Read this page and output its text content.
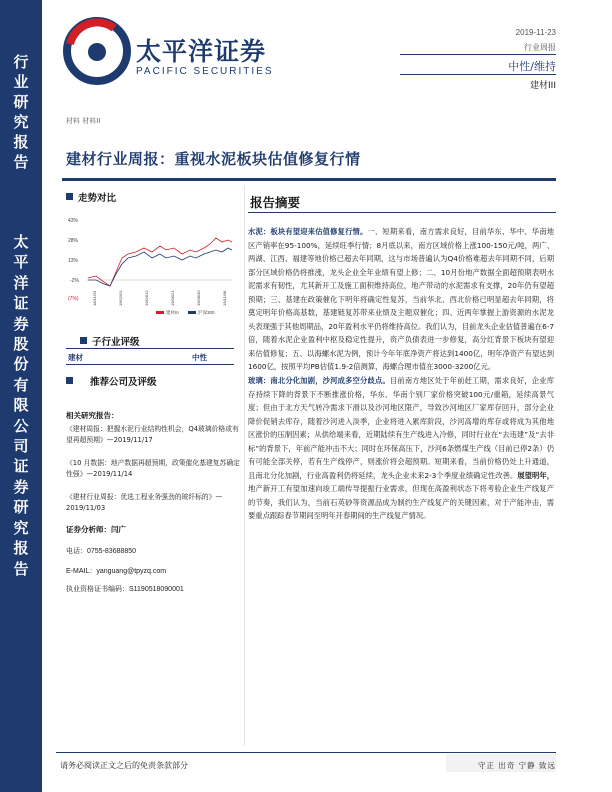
行
业
研
究
报
告
太
平
洋
证
券
股
份
有
限
公
司
证
券
研
究
报
告
太平洋证券
PACIFIC SECURITIES
2019-11-23
行业周报
中性/维持
建材III
材料 材料II
建材行业周报：重视水泥板块估值修复行情
走势对比
43%
28%
13%
-2%
(7%)	18/11/23	19/02/01	19/04/12	19/06/21	19/08/30	19/11/08
建材III	沪深300
子行业评级
建材	中性
推荐公司及评级
相关研究报告：
《建材周报：把握水泥行业结构性机会，Q4玻璃价格或有望再超预期》—2019/11/17
《10 月数据：地产数据再超预期，政策催化基建复苏确定性强》—2019/11/14
《建材行业周报：优选工程业务强劲的玻纤标的》—2019/11/03
证券分析师：闫广
电话：0755-83688850
E-MAIL：yanguang@tpyzq.com
执业资格证书编码：S1190518090001
报告摘要

水泥：板块有望迎来估值修复行情。一、短期来看，南方需求良好，目前华东、华中、华南地区产销率在95-100%，延续旺季行情；8月底以来，南方区域价格上涨100-150元/吨，两广、两湖、江西、福建等地价格已超去年同期，这与市场普遍认为Q4价格难超去年同期不同，后期部分区域价格仍将推涨，龙头企业全年业绩有望上修；二、10月份地产数据全面超预期表明水泥需求有韧性，尤其新开工及施工面积维持高位，地产带动的水泥需求有支撑，20年仍有望超预期；三、基建在政策催化下明年将确定性复苏，当前华北、西北价格已明显超去年同期，将奠定明年价格高基数，基建链复苏带来业绩及主题双催化；四、近两年掌握上游资源的水泥龙头表现强于其他周期品，20年盈利水平仍将维持高位。我们认为，目前龙头企业估值普遍在6-7倍，随着水泥企业盈利中枢及稳定性提升，资产负债表进一步修复，高分红背景下板块有望迎来估值修复；五、以海螺水泥为例，预计今年年底净资产将达到1400亿，明年净资产有望达到1600亿，按照平均PB估值1.9-2倍测算，海螺合理市值在3000-3200亿元。

玻璃：南北分化加剧，沙河成多空分歧点。目前南方地区处于年前赶工期，需求良好，企业库存持续下降的背景下不断推涨价格，华东、华南个别厂家价格突破100元/重箱，延续高景气度；但由于北方天气转冷需求下滑以及沙河地区限产，导致沙河地区厂家库存回升，部分企业降价促销去库存，随着沙河进入淡季，企业将进入累库阶段，沙河高增的库存或将成为其他地区涨价的压制因素；从供给端来看，近期陆续有生产线进入冷修，同时行业在“去违建”及“去非标”的背景下，年前产能冲击不大；同时在环保高压下，沙河6条燃煤生产线（目前已停2条）仍有可能全部关停，若有生产线停产，则涨价将会超预期。短期来看，当前价格仍处上升通道，且南北分化加剧，行业高盈利仍将延续，龙头企业未来2-3个季度业绩确定性改善。展望明年，地产新开工有望加速向竣工端传导提振行业需求，但现在高盈利状态下将考验企业生产线复产的节奏，我们认为，当前石英砂等资源品成为制约生产线复产的关键因素，对于产能冲击，需要重点跟踪春节期间至明年开春期间的生产线复产情况。

请务必阅读正文之后的免责条款部分	守正 出奇 宁静 致远
